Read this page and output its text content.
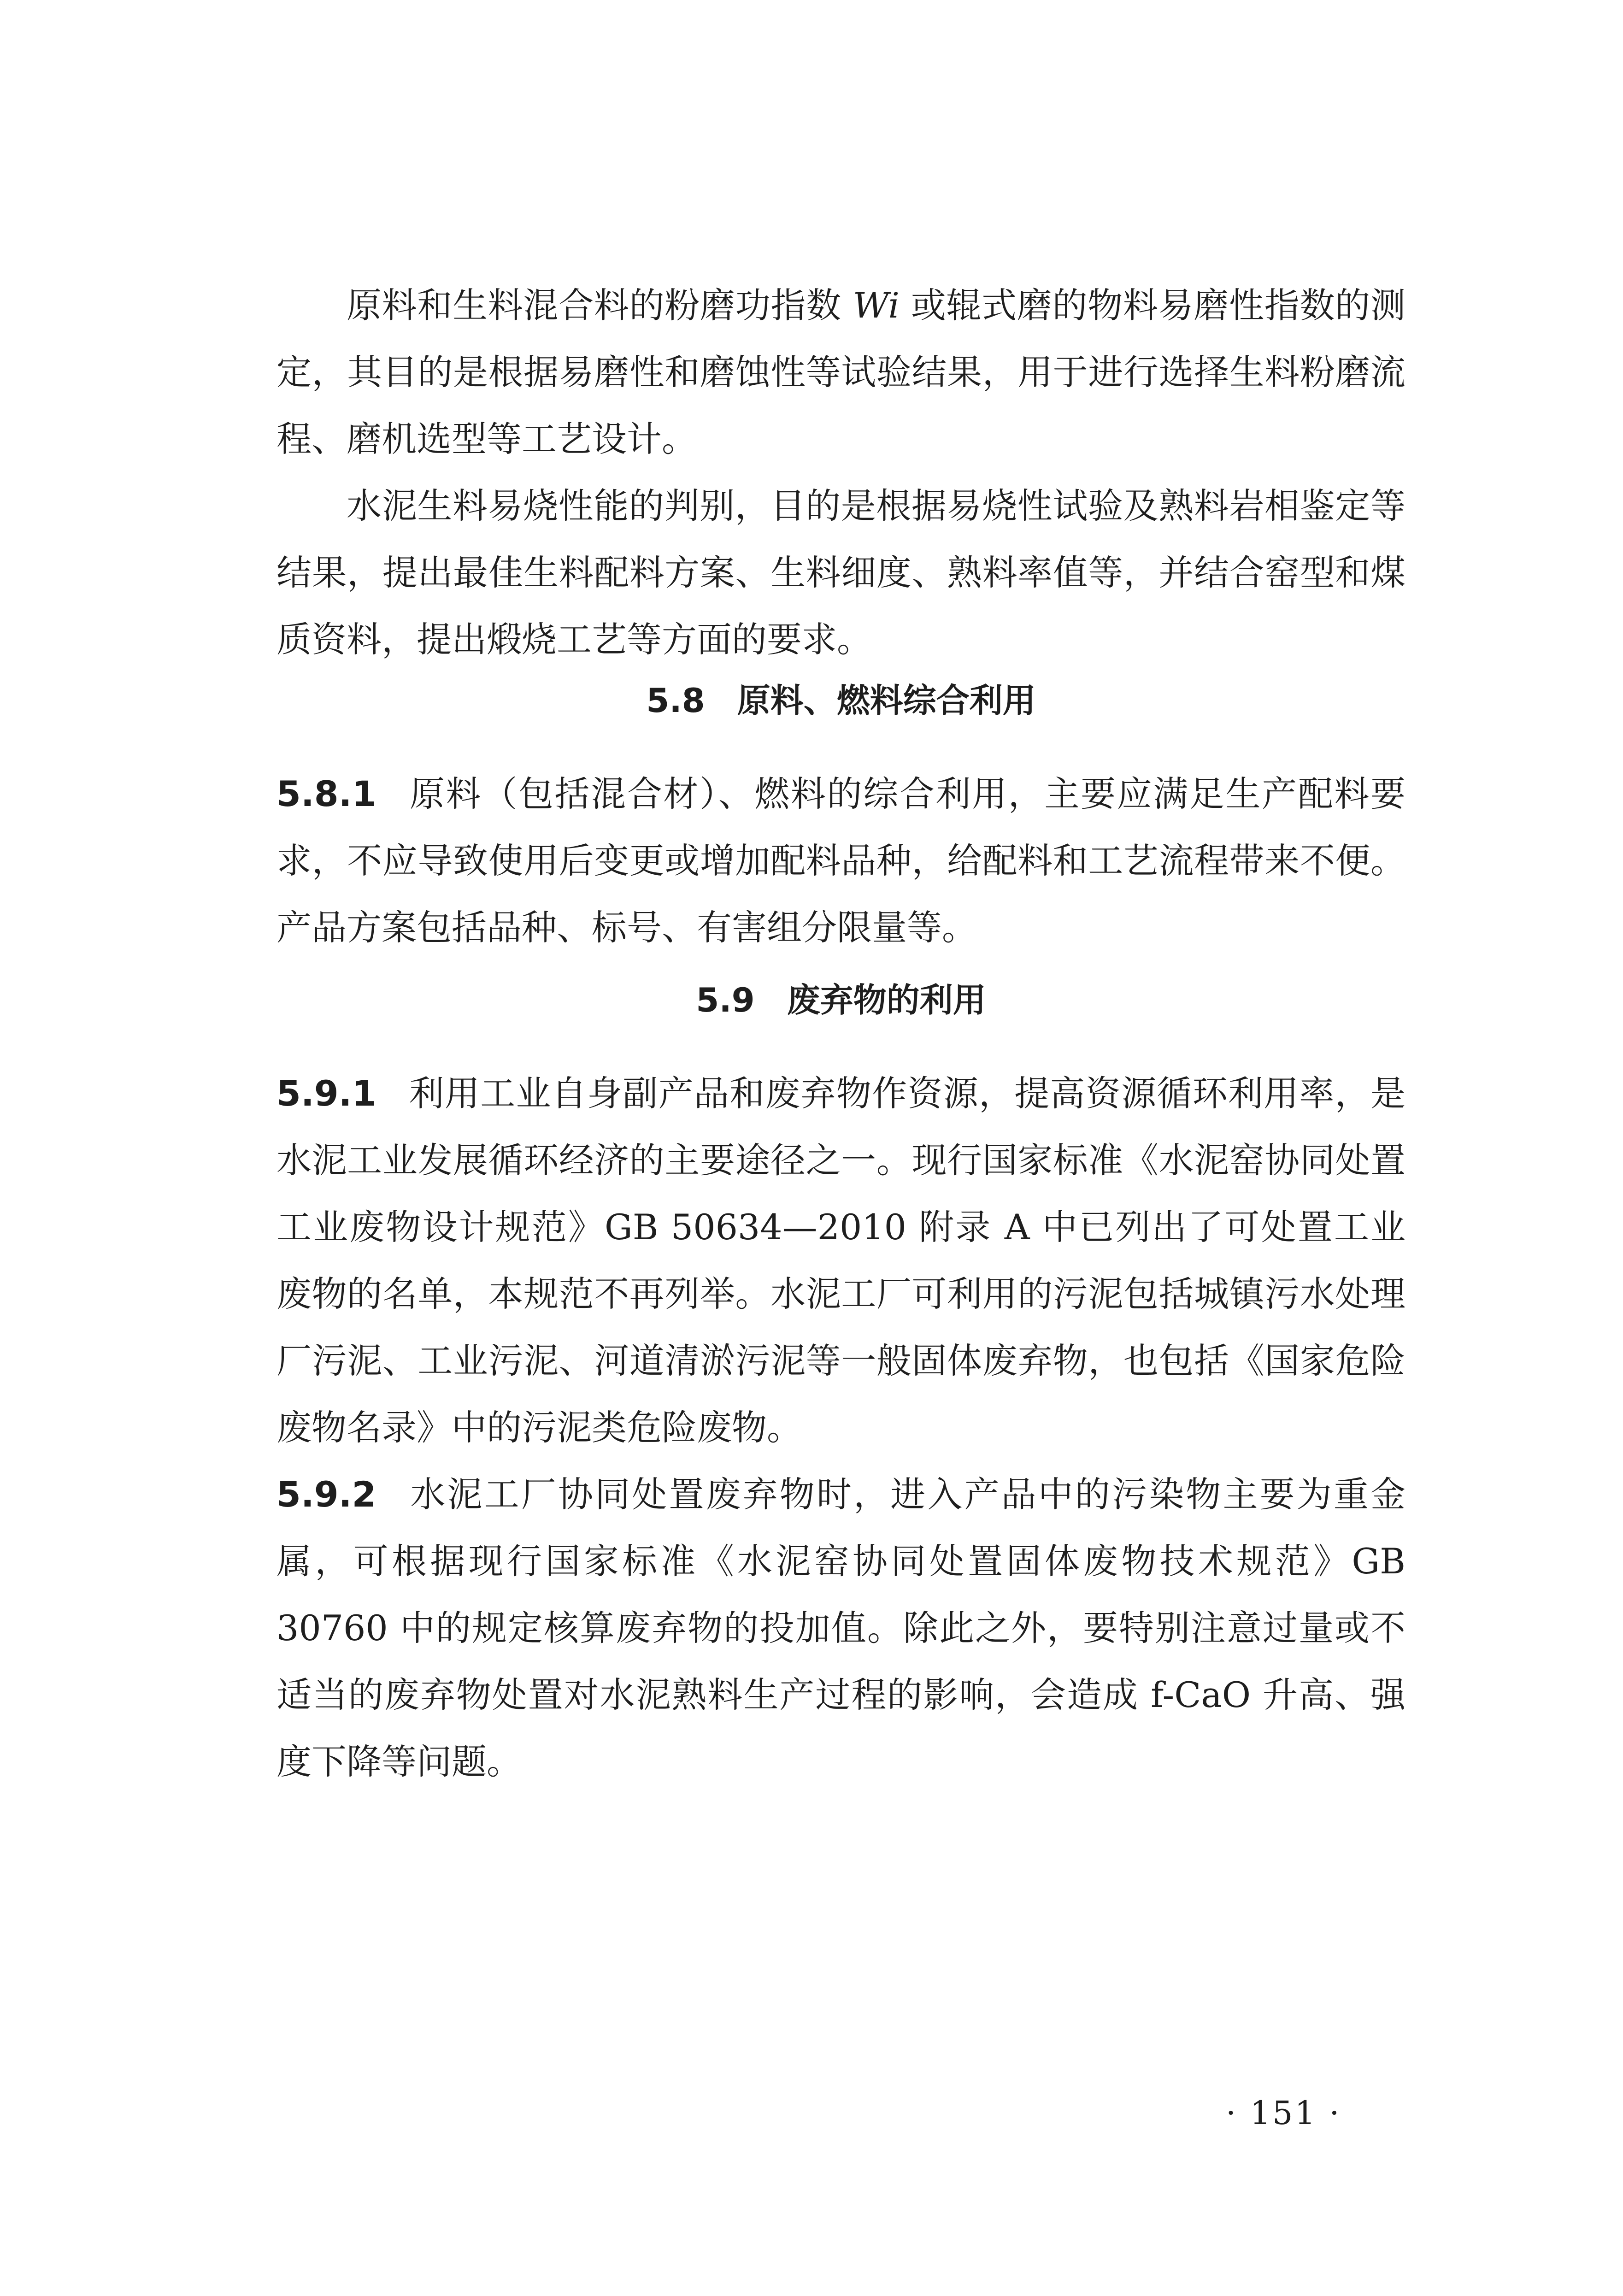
原料和生料混合料的粉磨功指数 Wi 或辊式磨的物料易磨性指数的测定，其目的是根据易磨性和磨蚀性等试验结果，用于进行选择生料粉磨流程、磨机选型等工艺设计。

水泥生料易烧性能的判别，目的是根据易烧性试验及熟料岩相鉴定等结果，提出最佳生料配料方案、生料细度、熟料率值等，并结合窑型和煤质资料，提出煅烧工艺等方面的要求。

5.8 原料、燃料综合利用

5.8.1 原料（包括混合材）、燃料的综合利用，主要应满足生产配料要求，不应导致使用后变更或增加配料品种，给配料和工艺流程带来不便。产品方案包括品种、标号、有害组分限量等。

5.9 废弃物的利用

5.9.1 利用工业自身副产品和废弃物作资源，提高资源循环利用率，是水泥工业发展循环经济的主要途径之一。现行国家标准《水泥窑协同处置工业废物设计规范》GB 50634—2010 附录 A 中已列出了可处置工业废物的名单，本规范不再列举。水泥工厂可利用的污泥包括城镇污水处理厂污泥、工业污泥、河道清淤污泥等一般固体废弃物，也包括《国家危险废物名录》中的污泥类危险废物。

5.9.2 水泥工厂协同处置废弃物时，进入产品中的污染物主要为重金属，可根据现行国家标准《水泥窑协同处置固体废物技术规范》GB 30760 中的规定核算废弃物的投加值。除此之外，要特别注意过量或不适当的废弃物处置对水泥熟料生产过程的影响，会造成 f-CaO 升高、强度下降等问题。

· 151 ·
